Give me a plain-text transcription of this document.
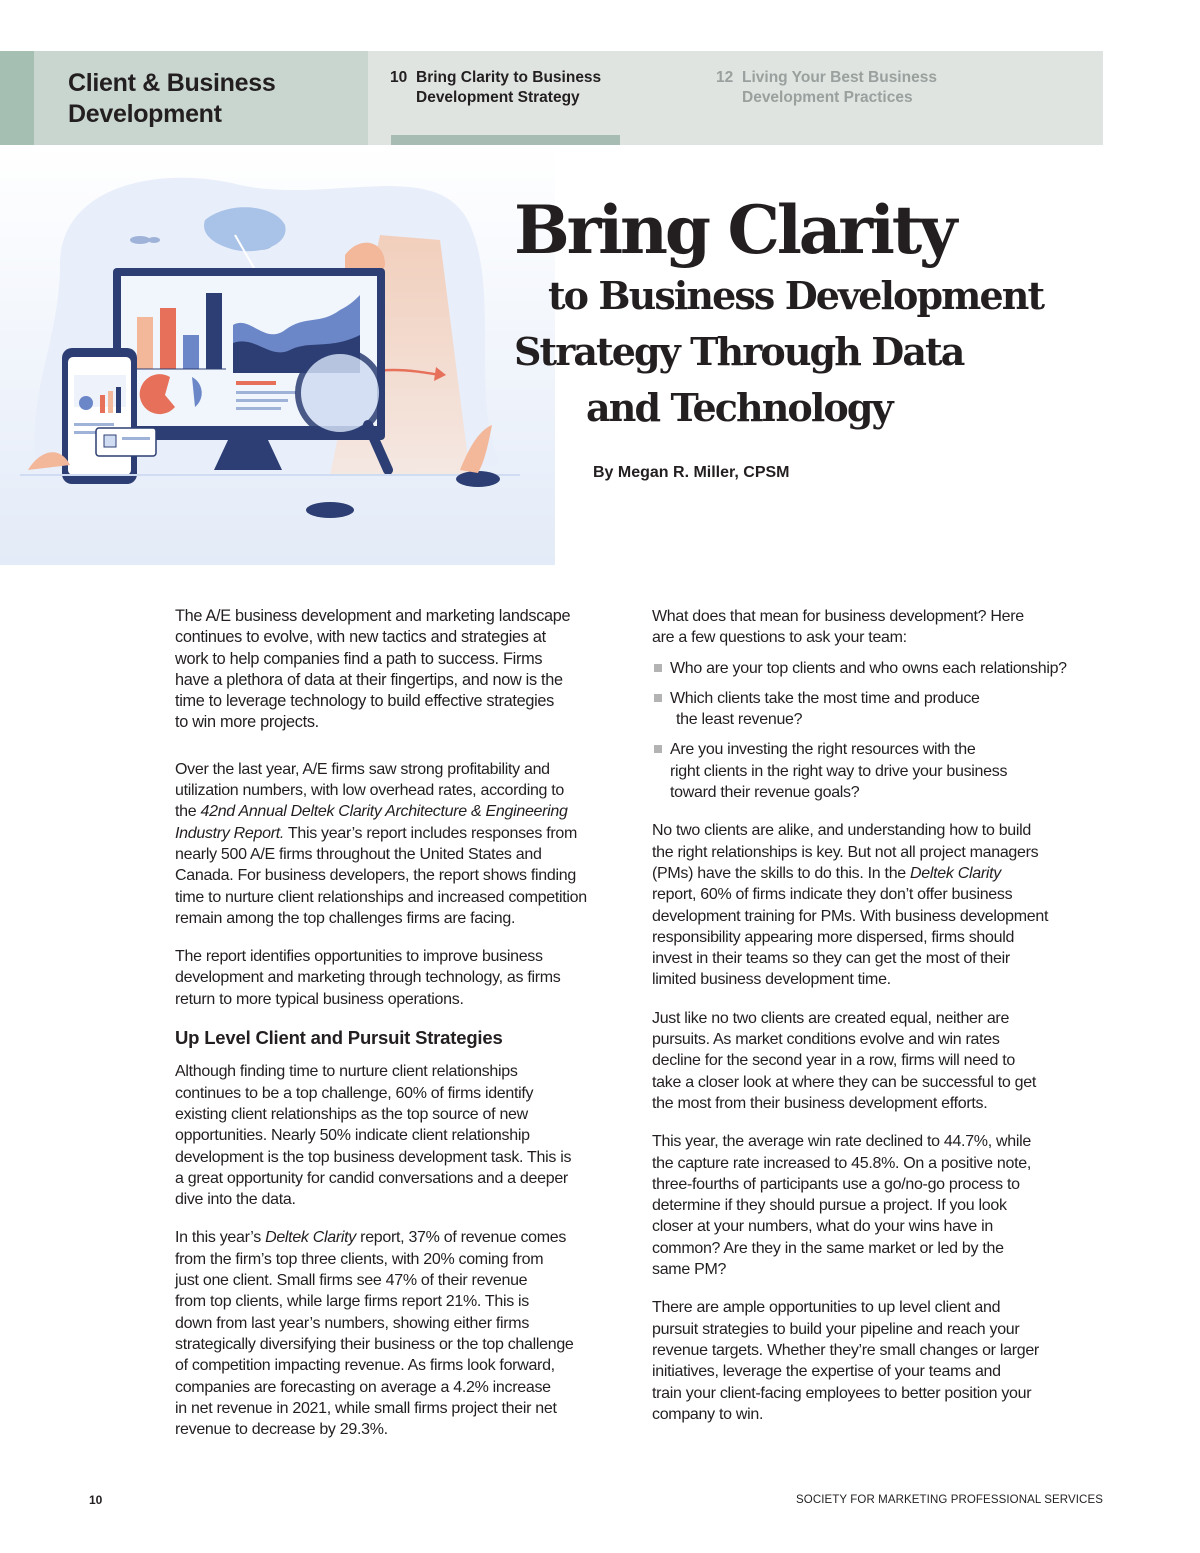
Client & Business
Development
10 Bring Clarity to Business
Development Strategy
12 Living Your Best Business
Development Practices
Bring Clarity
to Business Development
Strategy Through Data
and Technology
By Megan R. Miller, CPSM

The A/E business development and marketing landscape
continues to evolve, with new tactics and strategies at
work to help companies find a path to success. Firms
have a plethora of data at their fingertips, and now is the
time to leverage technology to build effective strategies
to win more projects.

Over the last year, A/E firms saw strong profitability and
utilization numbers, with low overhead rates, according to
the 42nd Annual Deltek Clarity Architecture & Engineering
Industry Report. This year’s report includes responses from
nearly 500 A/E firms throughout the United States and
Canada. For business developers, the report shows finding
time to nurture client relationships and increased competition
remain among the top challenges firms are facing.

The report identifies opportunities to improve business
development and marketing through technology, as firms
return to more typical business operations.

Up Level Client and Pursuit Strategies

Although finding time to nurture client relationships
continues to be a top challenge, 60% of firms identify
existing client relationships as the top source of new
opportunities. Nearly 50% indicate client relationship
development is the top business development task. This is
a great opportunity for candid conversations and a deeper
dive into the data.

In this year’s Deltek Clarity report, 37% of revenue comes
from the firm’s top three clients, with 20% coming from
just one client. Small firms see 47% of their revenue
from top clients, while large firms report 21%. This is
down from last year’s numbers, showing either firms
strategically diversifying their business or the top challenge
of competition impacting revenue. As firms look forward,
companies are forecasting on average a 4.2% increase
in net revenue in 2021, while small firms project their net
revenue to decrease by 29.3%.

What does that mean for business development? Here
are a few questions to ask your team:

Who are your top clients and who owns each relationship?
Which clients take the most time and produce
the least revenue?
Are you investing the right resources with the
right clients in the right way to drive your business
toward their revenue goals?

No two clients are alike, and understanding how to build
the right relationships is key. But not all project managers
(PMs) have the skills to do this. In the Deltek Clarity
report, 60% of firms indicate they don’t offer business
development training for PMs. With business development
responsibility appearing more dispersed, firms should
invest in their teams so they can get the most of their
limited business development time.

Just like no two clients are created equal, neither are
pursuits. As market conditions evolve and win rates
decline for the second year in a row, firms will need to
take a closer look at where they can be successful to get
the most from their business development efforts.

This year, the average win rate declined to 44.7%, while
the capture rate increased to 45.8%. On a positive note,
three-fourths of participants use a go/no-go process to
determine if they should pursue a project. If you look
closer at your numbers, what do your wins have in
common? Are they in the same market or led by the
same PM?

There are ample opportunities to up level client and
pursuit strategies to build your pipeline and reach your
revenue targets. Whether they’re small changes or larger
initiatives, leverage the expertise of your teams and
train your client-facing employees to better position your
company to win.

10	SOCIETY FOR MARKETING PROFESSIONAL SERVICES
